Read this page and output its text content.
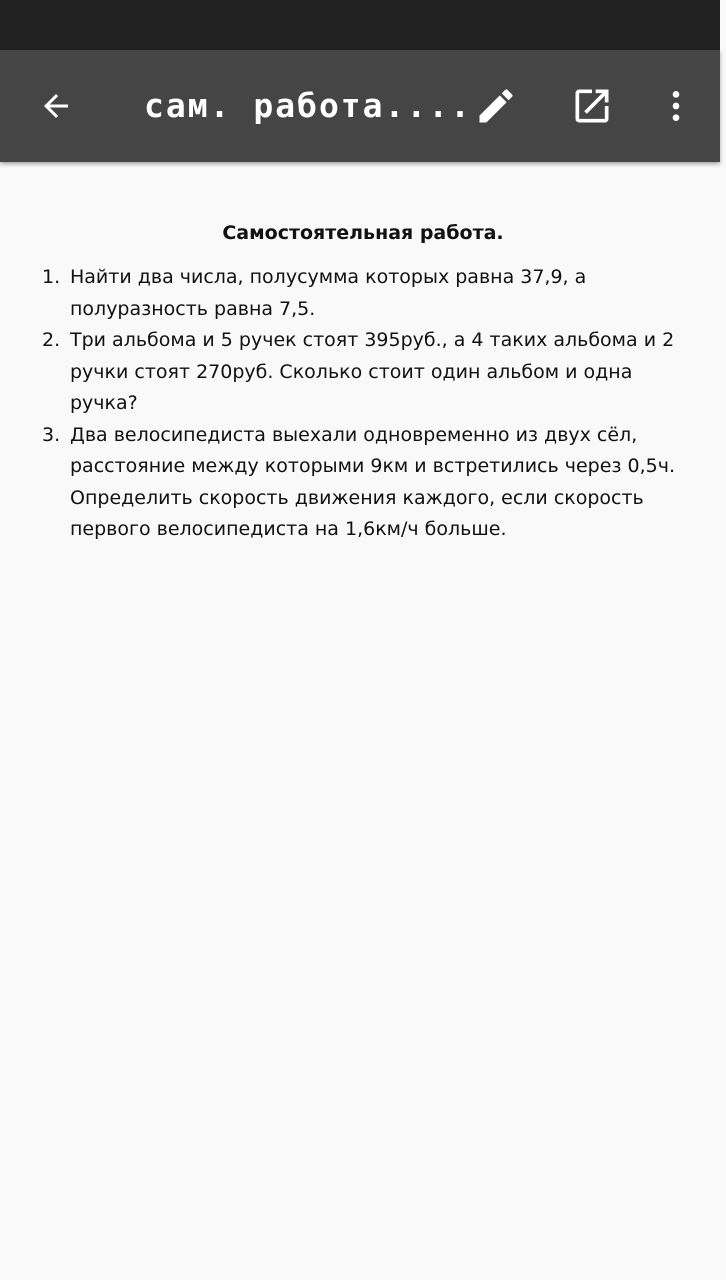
сам. работа....
Самостоятельная работа.
1. Найти два числа, полусумма которых равна 37,9, а полуразность равна 7,5.
2. Три альбома и 5 ручек стоят 395руб., а 4 таких альбома и 2 ручки стоят 270руб. Сколько стоит один альбом и одна ручка?
3. Два велосипедиста выехали одновременно из двух сёл, расстояние между которыми 9км и встретились через 0,5ч. Определить скорость движения каждого, если скорость первого велосипедиста на 1,6км/ч больше.
